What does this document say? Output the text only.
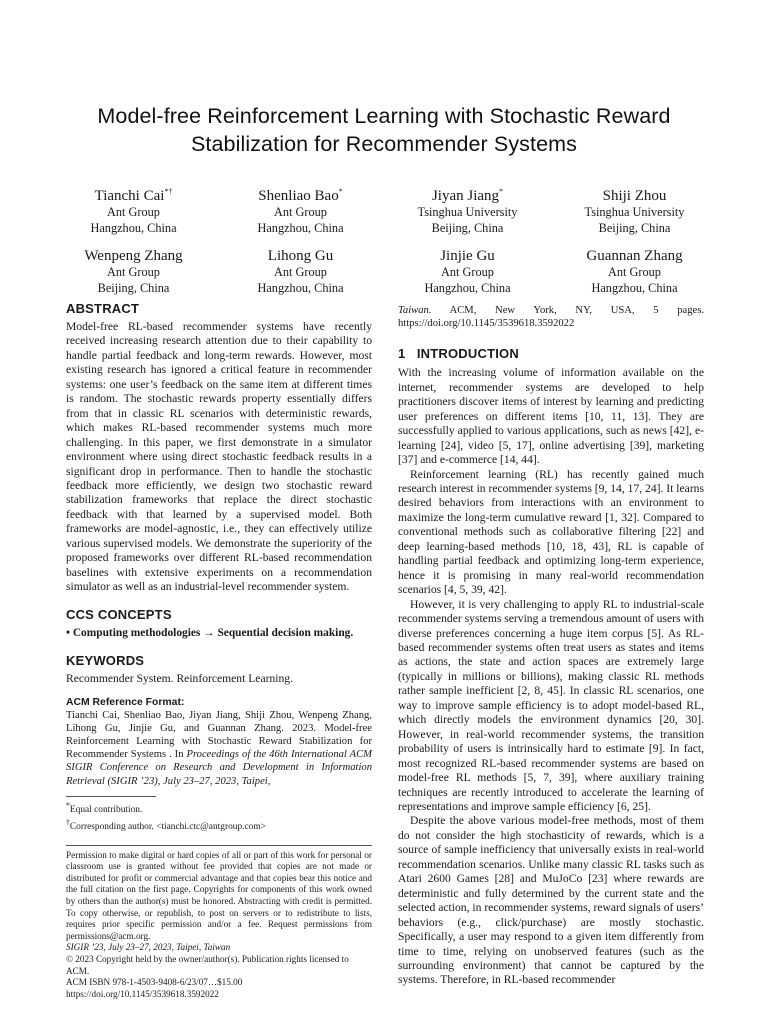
Model-free Reinforcement Learning with Stochastic Reward Stabilization for Recommender Systems
Tianchi Cai*†
Ant Group
Hangzhou, China
Shenliao Bao*
Ant Group
Hangzhou, China
Jiyan Jiang*
Tsinghua University
Beijing, China
Shiji Zhou
Tsinghua University
Beijing, China
Wenpeng Zhang
Ant Group
Beijing, China
Lihong Gu
Ant Group
Hangzhou, China
Jinjie Gu
Ant Group
Hangzhou, China
Guannan Zhang
Ant Group
Hangzhou, China
ABSTRACT

Model-free RL-based recommender systems have recently received increasing research attention due to their capability to handle partial feedback and long-term rewards. However, most existing research has ignored a critical feature in recommender systems: one user’s feedback on the same item at different times is random. The stochastic rewards property essentially differs from that in classic RL scenarios with deterministic rewards, which makes RL-based recommender systems much more challenging. In this paper, we first demonstrate in a simulator environment where using direct stochastic feedback results in a significant drop in performance. Then to handle the stochastic feedback more efficiently, we design two stochastic reward stabilization frameworks that replace the direct stochastic feedback with that learned by a supervised model. Both frameworks are model-agnostic, i.e., they can effectively utilize various supervised models. We demonstrate the superiority of the proposed frameworks over different RL-based recommendation baselines with extensive experiments on a recommendation simulator as well as an industrial-level recommender system.

CCS CONCEPTS

• Computing methodologies → Sequential decision making.

KEYWORDS

Recommender System. Reinforcement Learning.

ACM Reference Format:

Tianchi Cai, Shenliao Bao, Jiyan Jiang, Shiji Zhou, Wenpeng Zhang, Lihong Gu, Jinjie Gu, and Guannan Zhang. 2023. Model-free Reinforcement Learning with Stochastic Reward Stabilization for Recommender Systems . In Proceedings of the 46th International ACM SIGIR Conference on Research and Development in Information Retrieval (SIGIR ’23), July 23–27, 2023, Taipei,

*Equal contribution.
†Corresponding author. <tianchi.ctc@antgroup.com>

Permission to make digital or hard copies of all or part of this work for personal or classroom use is granted without fee provided that copies are not made or distributed for profit or commercial advantage and that copies bear this notice and the full citation on the first page. Copyrights for components of this work owned by others than the author(s) must be honored. Abstracting with credit is permitted. To copy otherwise, or republish, to post on servers or to redistribute to lists, requires prior specific permission and/or a fee. Request permissions from permissions@acm.org.

SIGIR ’23, July 23–27, 2023, Taipei, Taiwan
© 2023 Copyright held by the owner/author(s). Publication rights licensed to ACM.
ACM ISBN 978-1-4503-9408-6/23/07…$15.00
https://doi.org/10.1145/3539618.3592022

Taiwan. ACM, New York, NY, USA, 5 pages. https://doi.org/10.1145/3539618.3592022

1   INTRODUCTION

With the increasing volume of information available on the internet, recommender systems are developed to help practitioners discover items of interest by learning and predicting user preferences on different items [10, 11, 13]. They are successfully applied to various applications, such as news [42], e-learning [24], video [5, 17], online advertising [39], marketing [37] and e-commerce [14, 44].

Reinforcement learning (RL) has recently gained much research interest in recommender systems [9, 14, 17, 24]. It learns desired behaviors from interactions with an environment to maximize the long-term cumulative reward [1, 32]. Compared to conventional methods such as collaborative filtering [22] and deep learning-based methods [10, 18, 43], RL is capable of handling partial feedback and optimizing long-term experience, hence it is promising in many real-world recommendation scenarios [4, 5, 39, 42].

However, it is very challenging to apply RL to industrial-scale recommender systems serving a tremendous amount of users with diverse preferences concerning a huge item corpus [5]. As RL-based recommender systems often treat users as states and items as actions, the state and action spaces are extremely large (typically in millions or billions), making classic RL methods rather sample inefficient [2, 8, 45]. In classic RL scenarios, one way to improve sample efficiency is to adopt model-based RL, which directly models the environment dynamics [20, 30]. However, in real-world recommender systems, the transition probability of users is intrinsically hard to estimate [9]. In fact, most recognized RL-based recommender systems are based on model-free RL methods [5, 7, 39], where auxiliary training techniques are recently introduced to accelerate the learning of representations and improve sample efficiency [6, 25].

Despite the above various model-free methods, most of them do not consider the high stochasticity of rewards, which is a source of sample inefficiency that universally exists in real-world recommendation scenarios. Unlike many classic RL tasks such as Atari 2600 Games [28] and MuJoCo [23] where rewards are deterministic and fully determined by the current state and the selected action, in recommender systems, reward signals of users’ behaviors (e.g., click/purchase) are mostly stochastic. Specifically, a user may respond to a given item differently from time to time, relying on unobserved features (such as the surrounding environment) that cannot be captured by the systems. Therefore, in RL-based recommender
